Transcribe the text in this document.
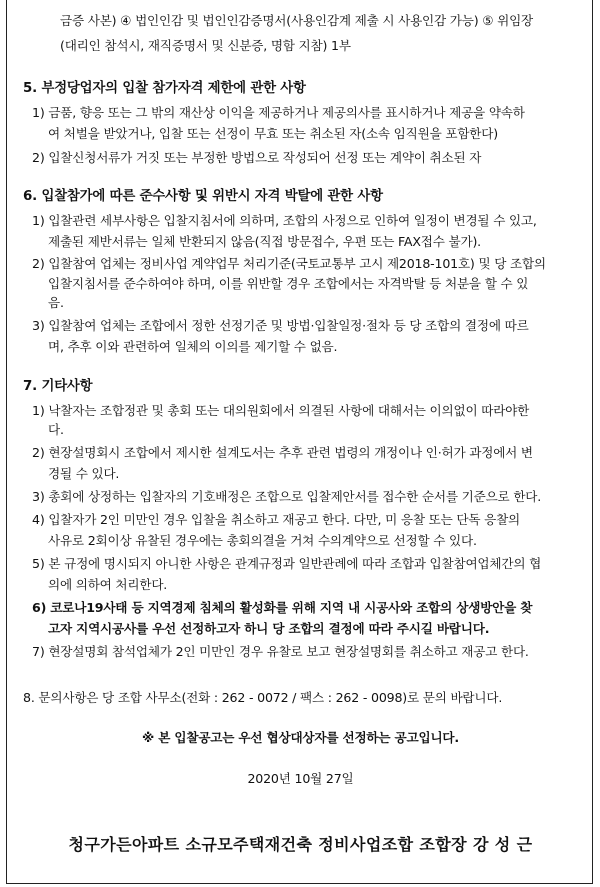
금증 사본) ④ 법인인감 및 법인인감증명서(사용인감계 제출 시 사용인감 가능) ⑤ 위임장
(대리인 참석시, 재직증명서 및 신분증, 명함 지참) 1부
5. 부정당업자의 입찰 참가자격 제한에 관한 사항
1) 금품, 향응 또는 그 밖의 재산상 이익을 제공하거나 제공의사를 표시하거나 제공을 약속하
여 처벌을 받았거나, 입찰 또는 선정이 무효 또는 취소된 자(소속 임직원을 포함한다)
2) 입찰신청서류가 거짓 또는 부정한 방법으로 작성되어 선정 또는 계약이 취소된 자
6. 입찰참가에 따른 준수사항 및 위반시 자격 박탈에 관한 사항
1) 입찰관련 세부사항은 입찰지침서에 의하며, 조합의 사정으로 인하여 일정이 변경될 수 있고,
제출된 제반서류는 일체 반환되지 않음(직접 방문접수, 우편 또는 FAX접수 불가).
2) 입찰참여 업체는 정비사업 계약업무 처리기준(국토교통부 고시 제2018-101호) 및 당 조합의
입찰지침서를 준수하여야 하며, 이를 위반할 경우 조합에서는 자격박탈 등 처분을 할 수 있
음.
3) 입찰참여 업체는 조합에서 정한 선정기준 및 방법·입찰일정·절차 등 당 조합의 결정에 따르
며, 추후 이와 관련하여 일체의 이의를 제기할 수 없음.
7. 기타사항
1) 낙찰자는 조합정관 및 총회 또는 대의원회에서 의결된 사항에 대해서는 이의없이 따라야한
다.
2) 현장설명회시 조합에서 제시한 설계도서는 추후 관련 법령의 개정이나 인·허가 과정에서 변
경될 수 있다.
3) 총회에 상정하는 입찰자의 기호배정은 조합으로 입찰제안서를 접수한 순서를 기준으로 한다.
4) 입찰자가 2인 미만인 경우 입찰을 취소하고 재공고 한다. 다만, 미 응찰 또는 단독 응찰의
사유로 2회이상 유찰된 경우에는 총회의결을 거쳐 수의계약으로 선정할 수 있다.
5) 본 규정에 명시되지 아니한 사항은 관계규정과 일반관례에 따라 조합과 입찰참여업체간의 협
의에 의하여 처리한다.
6) 코로나19사태 등 지역경제 침체의 활성화를 위해 지역 내 시공사와 조합의 상생방안을 찾
고자 지역시공사를 우선 선정하고자 하니 당 조합의 결정에 따라 주시길 바랍니다.
7) 현장설명회 참석업체가 2인 미만인 경우 유찰로 보고 현장설명회를 취소하고 재공고 한다.
8. 문의사항은 당 조합 사무소(전화 : 262 - 0072 / 팩스 : 262 - 0098)로 문의 바랍니다.
※ 본 입찰공고는 우선 협상대상자를 선정하는 공고입니다.
2020년 10월 27일
청구가든아파트 소규모주택재건축 정비사업조합 조합장 강 성 근
